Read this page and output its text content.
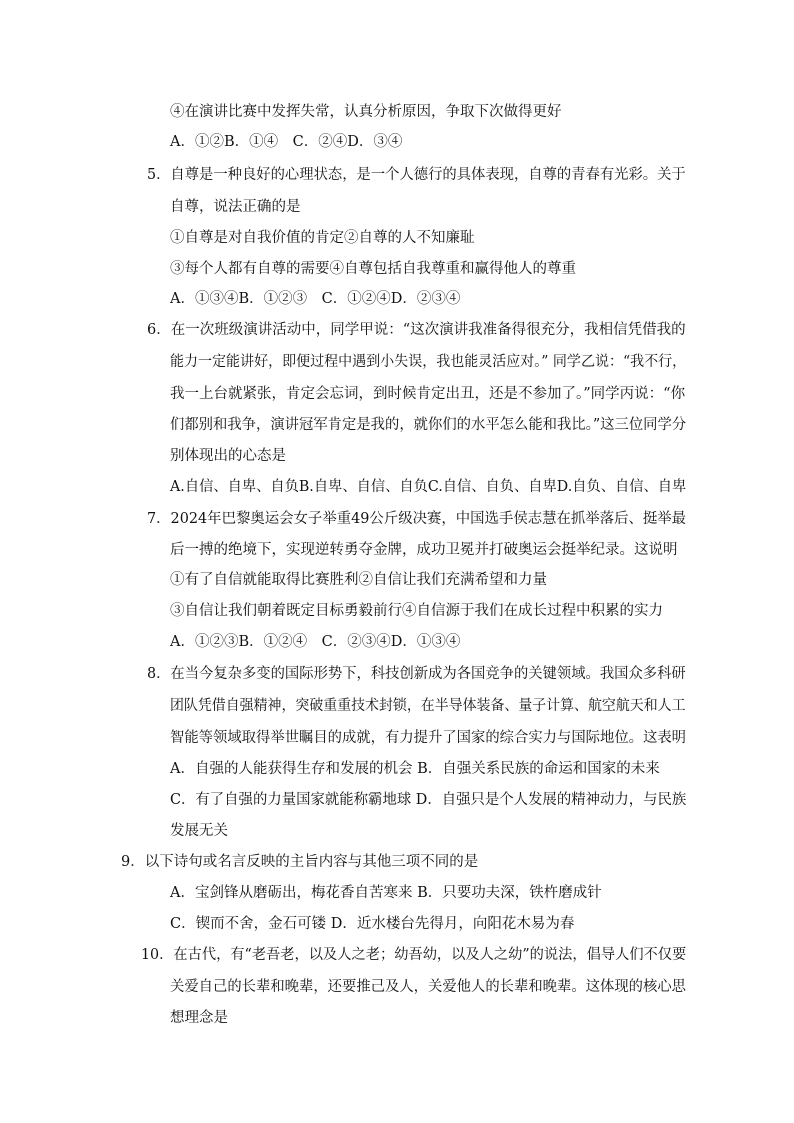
④在演讲比赛中发挥失常，认真分析原因，争取下次做得更好
A．①②B．①④　C．②④D．③④
5．自尊是一种良好的心理状态，是一个人德行的具体表现，自尊的青春有光彩。关于
自尊，说法正确的是
①自尊是对自我价值的肯定②自尊的人不知廉耻
③每个人都有自尊的需要④自尊包括自我尊重和赢得他人的尊重
A．①③④B．①②③　C．①②④D．②③④
6．在一次班级演讲活动中，同学甲说：“这次演讲我准备得很充分，我相信凭借我的
能力一定能讲好，即便过程中遇到小失误，我也能灵活应对。” 同学乙说：“我不行，
我一上台就紧张，肯定会忘词，到时候肯定出丑，还是不参加了。”同学丙说：“你
们都别和我争，演讲冠军肯定是我的，就你们的水平怎么能和我比。”这三位同学分
别体现出的心态是
A.自信、自卑、自负B.自卑、自信、自负C.自信、自负、自卑D.自负、自信、自卑
7．2024年巴黎奥运会女子举重49公斤级决赛，中国选手侯志慧在抓举落后、挺举最
后一搏的绝境下，实现逆转勇夺金牌，成功卫冕并打破奥运会挺举纪录。这说明
①有了自信就能取得比赛胜利②自信让我们充满希望和力量
③自信让我们朝着既定目标勇毅前行④自信源于我们在成长过程中积累的实力
A．①②③B．①②④　C．②③④D．①③④
8．在当今复杂多变的国际形势下，科技创新成为各国竞争的关键领域。我国众多科研
团队凭借自强精神，突破重重技术封锁，在半导体装备、量子计算、航空航天和人工
智能等领域取得举世瞩目的成就，有力提升了国家的综合实力与国际地位。这表明
A．自强的人能获得生存和发展的机会 B．自强关系民族的命运和国家的未来
C．有了自强的力量国家就能称霸地球 D．自强只是个人发展的精神动力，与民族
发展无关
9．以下诗句或名言反映的主旨内容与其他三项不同的是
A．宝剑锋从磨砺出，梅花香自苦寒来 B．只要功夫深，铁杵磨成针
C．锲而不舍，金石可镂 D．近水楼台先得月，向阳花木易为春
10．在古代，有“老吾老，以及人之老；幼吾幼，以及人之幼”的说法，倡导人们不仅要
关爱自己的长辈和晚辈，还要推己及人，关爱他人的长辈和晚辈。这体现的核心思
想理念是
